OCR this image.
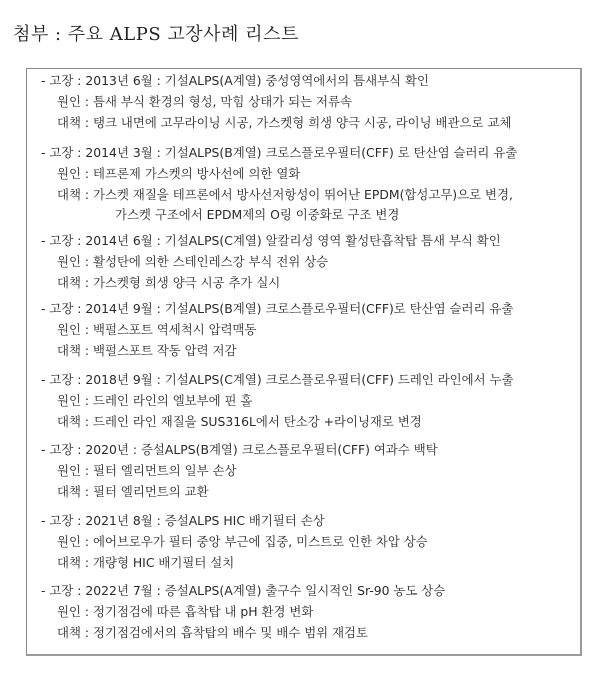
첨부 : 주요 ALPS 고장사례 리스트
- 고장 : 2013년 6월 : 기설ALPS(A계열) 중성영역에서의 틈새부식 확인
원인 : 틈새 부식 환경의 형성, 막힘 상태가 되는 저류속
대책 : 탱크 내면에 고무라이닝 시공, 가스켓형 희생 양극 시공, 라이닝 배관으로 교체
- 고장 : 2014년 3월 : 기설ALPS(B계열) 크로스플로우필터(CFF) 로 탄산염 슬러리 유출
원인 : 테프론제 가스켓의 방사선에 의한 열화
대책 : 가스켓 재질을 테프론에서 방사선저항성이 뛰어난 EPDM(합성고무)으로 변경,
가스켓 구조에서 EPDM제의 O링 이중화로 구조 변경
- 고장 : 2014년 6월 : 기설ALPS(C계열) 알칼리성 영역 활성탄흡착탑 틈새 부식 확인
원인 : 활성탄에 의한 스테인레스강 부식 전위 상승
대책 : 가스켓형 희생 양극 시공 추가 실시
- 고장 : 2014년 9월 : 기설ALPS(B계열) 크로스플로우필터(CFF)로 탄산염 슬러리 유출
원인 : 백펄스포트 역세척시 압력맥동
대책 : 백펄스포트 작동 압력 저감
- 고장 : 2018년 9월 : 기설ALPS(C계열) 크로스플로우필터(CFF) 드레인 라인에서 누출
원인 : 드레인 라인의 엘보부에 핀 홀
대책 : 드레인 라인 재질을 SUS316L에서 탄소강 +라이닝재로 변경
- 고장 : 2020년 : 증설ALPS(B계열) 크로스플로우필터(CFF) 여과수 백탁
원인 : 필터 엘리먼트의 일부 손상
대책 : 필터 엘리먼트의 교환
- 고장 : 2021년 8월 : 증설ALPS HIC 배기필터 손상
원인 : 에어브로우가 필터 중앙 부근에 집중, 미스트로 인한 차압 상승
대책 : 개량형 HIC 배기필터 설치
- 고장 : 2022년 7월 : 증설ALPS(A계열) 출구수 일시적인 Sr-90 농도 상승
원인 : 정기점검에 따른 흡착탑 내 pH 환경 변화
대책 : 정기점검에서의 흡착탑의 배수 및 배수 범위 재검토
